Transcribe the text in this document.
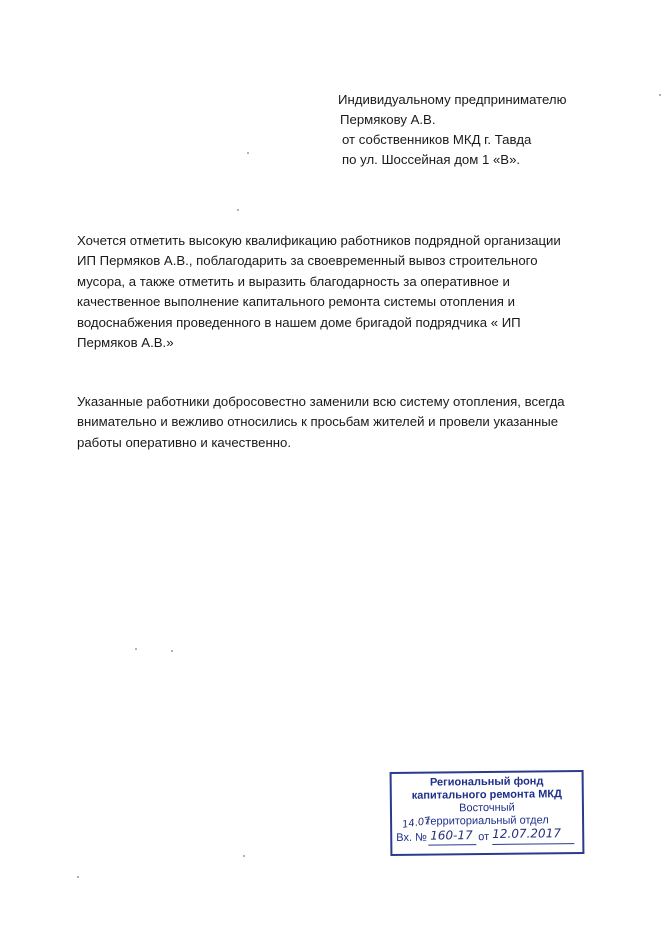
Индивидуальному предпринимателю
Пермякову А.В.
от собственников МКД г. Тавда
по ул. Шоссейная дом 1 «В».

Хочется отметить высокую квалификацию работников подрядной организации
ИП Пермяков А.В., поблагодарить за своевременный вывоз строительного
мусора, а также отметить и выразить благодарность за оперативное и
качественное выполнение капитального ремонта системы отопления и
водоснабжения проведенного в нашем доме бригадой подрядчика « ИП
Пермяков А.В.»

Указанные работники добросовестно заменили всю систему отопления, всегда
внимательно и вежливо относились к просьбам жителей и провели указанные
работы оперативно и качественно.

Региональный фонд
капитального ремонта МКД
Восточный
территориальный отдел
14.07
Вх. № 160-17 от 12.07.2017
